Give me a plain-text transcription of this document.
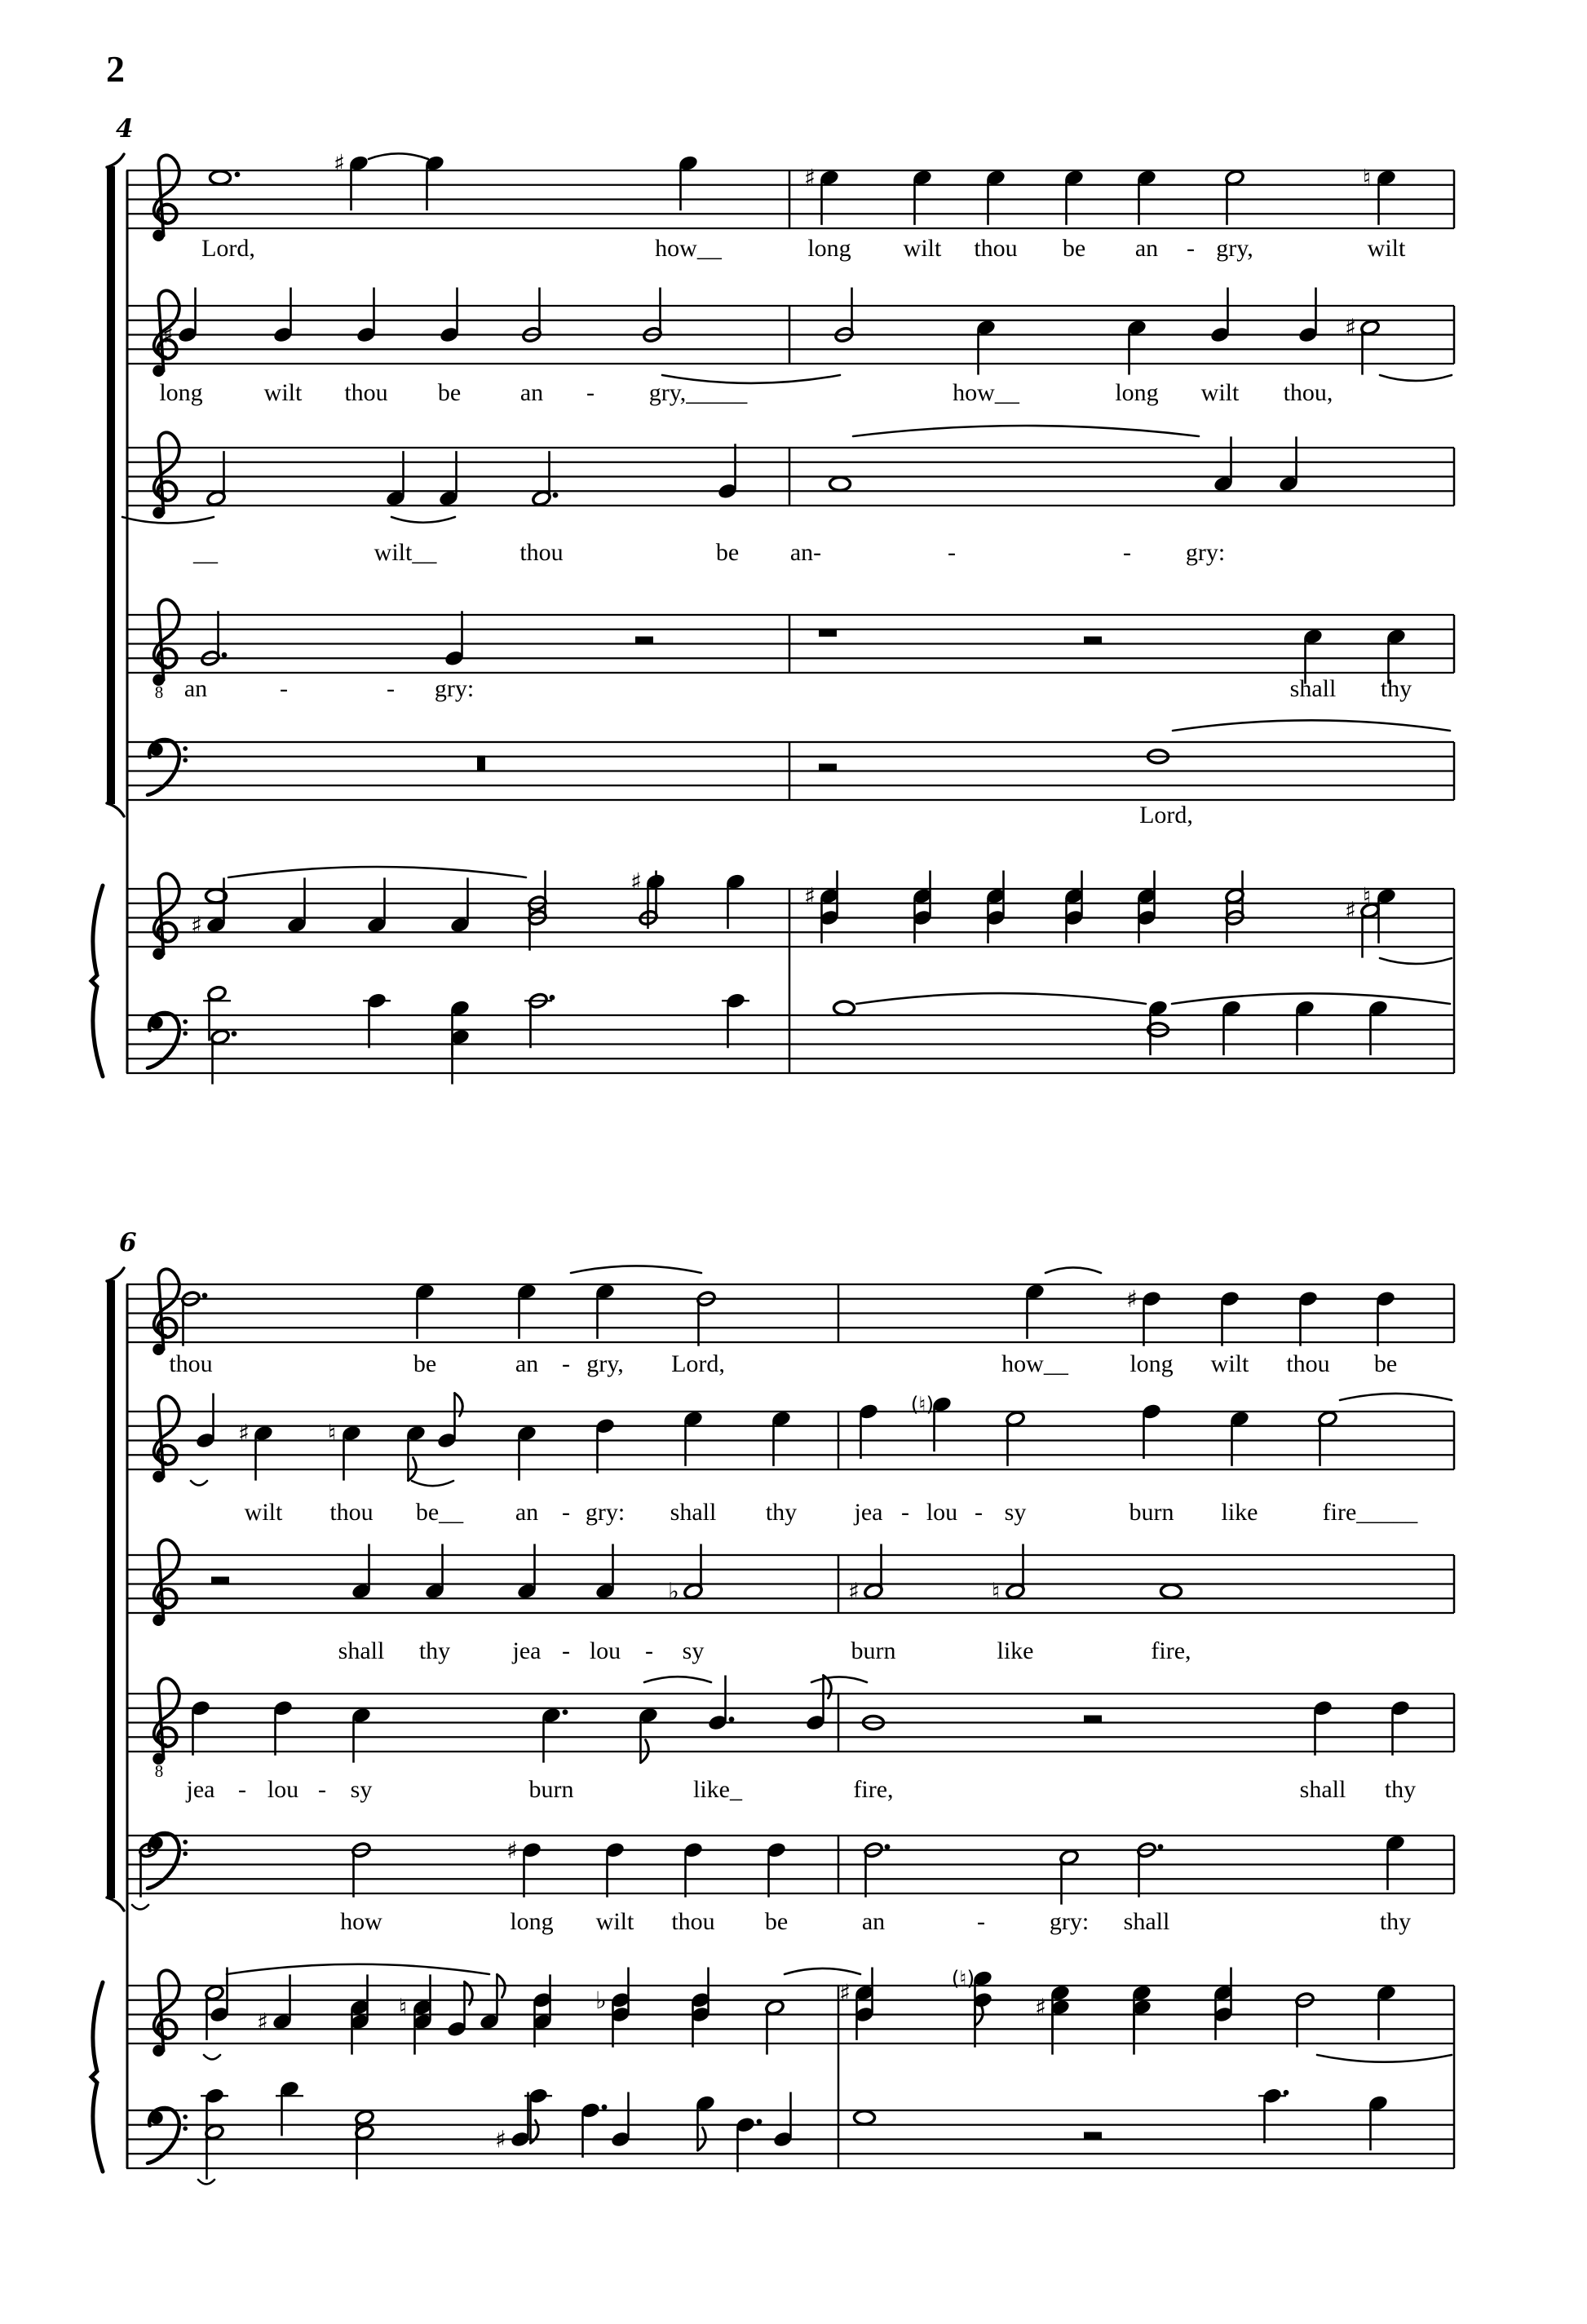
2
4
6
8
♯
♯	♮
♯	♯
♯
♯
♯
♯
♮
8
♯
♯	♮
(♮)
♭	♯	♮
♯
♯
♮	♭	♯
(♮)
♯
♯
Lord,	how__	long wilt thou be an - gry,	wilt
long wilt thou be an - gry,_____	how__	long wilt thou,
__	wilt__	thou	be an-	-	- gry:
an	-	- gry:	shall thy
Lord,
thou	be	an - gry, Lord,	how__	long wilt thou be
wilt thou be__ an - gry: shall thy jea - lou - sy	burn like	fire_____
shall thy	jea - lou - sy	burn	like	fire,
jea - lou - sy	burn	like_	fire,	shall thy
how	long wilt thou be	an	-	gry: shall	thy
